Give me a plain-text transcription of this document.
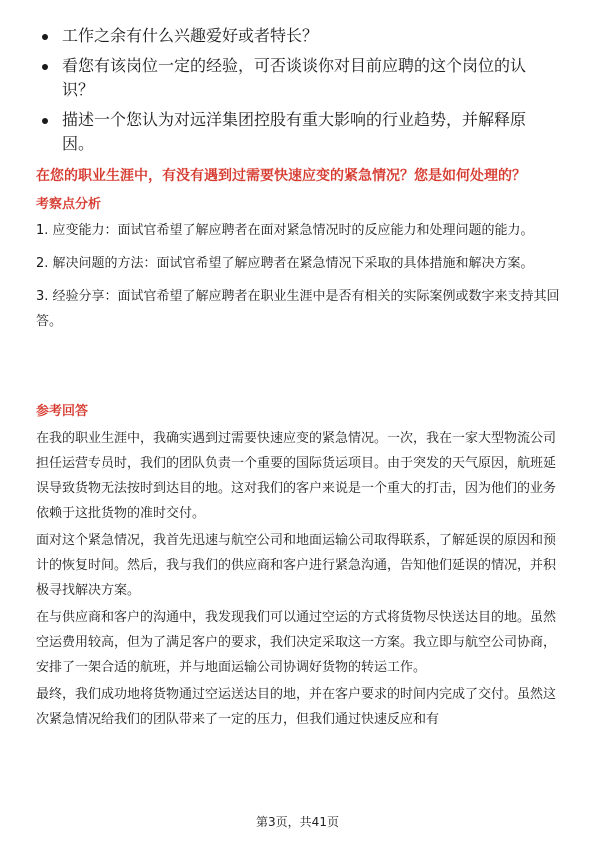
工作之余有什么兴趣爱好或者特长？
看您有该岗位一定的经验，可否谈谈你对目前应聘的这个岗位的认识？
描述一个您认为对远洋集团控股有重大影响的行业趋势，并解释原因。
在您的职业生涯中，有没有遇到过需要快速应变的紧急情况？您是如何处理的？
考察点分析

1. 应变能力：面试官希望了解应聘者在面对紧急情况时的反应能力和处理问题的能力。

2. 解决问题的方法：面试官希望了解应聘者在紧急情况下采取的具体措施和解决方案。

3. 经验分享：面试官希望了解应聘者在职业生涯中是否有相关的实际案例或数字来支持其回答。

参考回答

在我的职业生涯中，我确实遇到过需要快速应变的紧急情况。一次，我在一家大型物流公司担任运营专员时，我们的团队负责一个重要的国际货运项目。由于突发的天气原因，航班延误导致货物无法按时到达目的地。这对我们的客户来说是一个重大的打击，因为他们的业务依赖于这批货物的准时交付。

面对这个紧急情况，我首先迅速与航空公司和地面运输公司取得联系，了解延误的原因和预计的恢复时间。然后，我与我们的供应商和客户进行紧急沟通，告知他们延误的情况，并积极寻找解决方案。

在与供应商和客户的沟通中，我发现我们可以通过空运的方式将货物尽快送达目的地。虽然空运费用较高，但为了满足客户的要求，我们决定采取这一方案。我立即与航空公司协商，安排了一架合适的航班，并与地面运输公司协调好货物的转运工作。

最终，我们成功地将货物通过空运送达目的地，并在客户要求的时间内完成了交付。虽然这次紧急情况给我们的团队带来了一定的压力，但我们通过快速反应和有

第3页，共41页
